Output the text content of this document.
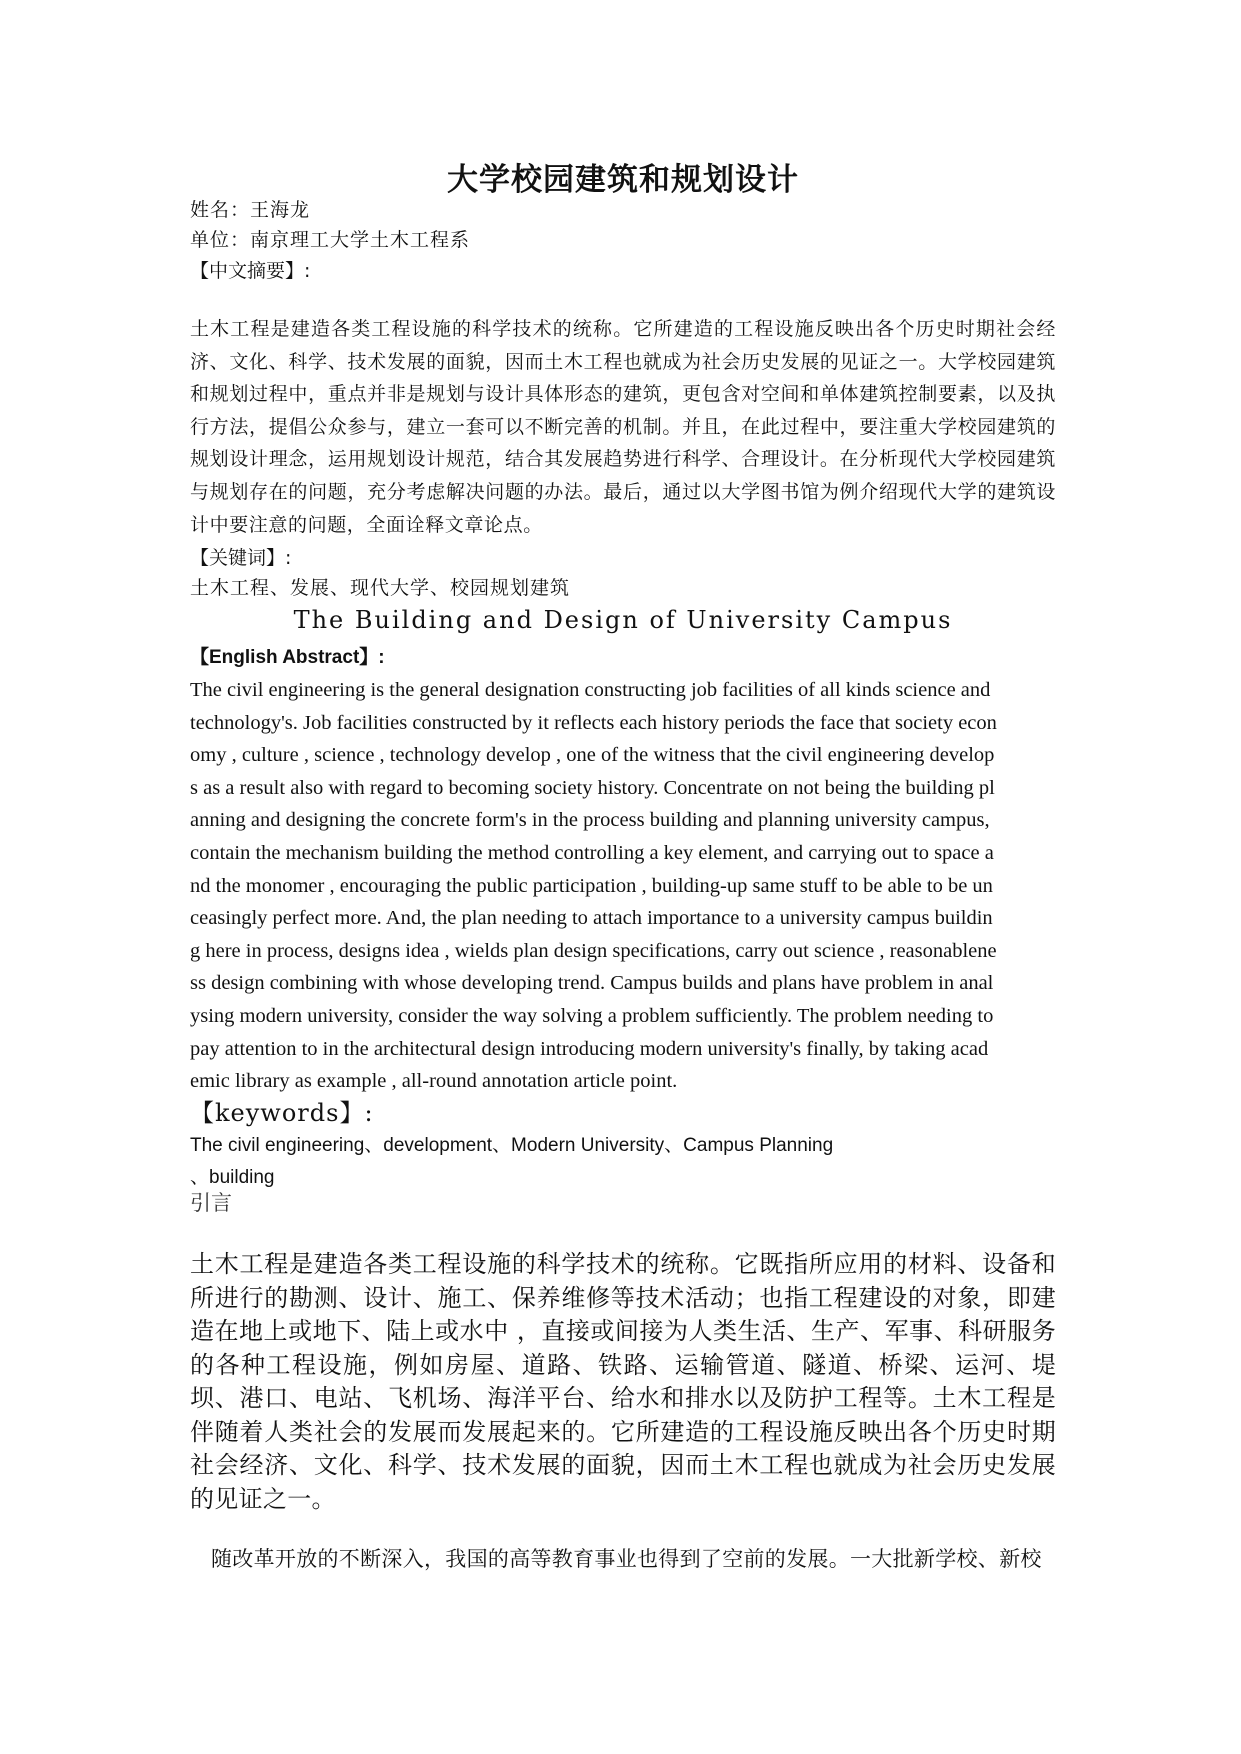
大学校园建筑和规划设计
姓名：王海龙
单位：南京理工大学土木工程系
【中文摘要】:
土木工程是建造各类工程设施的科学技术的统称。它所建造的工程设施反映出各个历史时期社会经济、文化、科学、技术发展的面貌，因而土木工程也就成为社会历史发展的见证之一。大学校园建筑和规划过程中，重点并非是规划与设计具体形态的建筑，更包含对空间和单体建筑控制要素，以及执行方法，提倡公众参与，建立一套可以不断完善的机制。并且，在此过程中，要注重大学校园建筑的规划设计理念，运用规划设计规范，结合其发展趋势进行科学、合理设计。在分析现代大学校园建筑与规划存在的问题，充分考虑解决问题的办法。最后，通过以大学图书馆为例介绍现代大学的建筑设计中要注意的问题，全面诠释文章论点。
【关键词】:
土木工程、发展、现代大学、校园规划建筑
The Building and Design of University Campus
【English Abstract】:
The civil engineering is the general designation constructing job facilities of all kinds science and
technology's. Job facilities constructed by it reflects each history periods the face that society econ
omy , culture , science , technology develop , one of the witness that the civil engineering develop
s as a result also with regard to becoming society history. Concentrate on not being the building pl
anning and designing the concrete form's in the process building and planning university campus,
contain the mechanism building the method controlling a key element, and carrying out to space a
nd the monomer , encouraging the public participation , building-up same stuff to be able to be un
ceasingly perfect more. And, the plan needing to attach importance to a university campus buildin
g here in process, designs idea , wields plan design specifications, carry out science , reasonablene
ss design combining with whose developing trend. Campus builds and plans have problem in anal
ysing modern university, consider the way solving a problem sufficiently. The problem needing to
pay attention to in the architectural design introducing modern university's finally, by taking acad
emic library as example , all-round annotation article point.
【keywords】:
The civil engineering、development、Modern University、Campus Planning
、building
引言
土木工程是建造各类工程设施的科学技术的统称。它既指所应用的材料、设备和所进行的勘测、设计、施工、保养维修等技术活动；也指工程建设的对象，即建造在地上或地下、陆上或水中 ，直接或间接为人类生活、生产、军事、科研服务的各种工程设施，例如房屋、道路、铁路、运输管道、隧道、桥梁、运河、堤坝、港口、电站、飞机场、海洋平台、给水和排水以及防护工程等。土木工程是伴随着人类社会的发展而发展起来的。它所建造的工程设施反映出各个历史时期社会经济、文化、科学、技术发展的面貌，因而土木工程也就成为社会历史发展的见证之一。
随改革开放的不断深入，我国的高等教育事业也得到了空前的发展。一大批新学校、新校
